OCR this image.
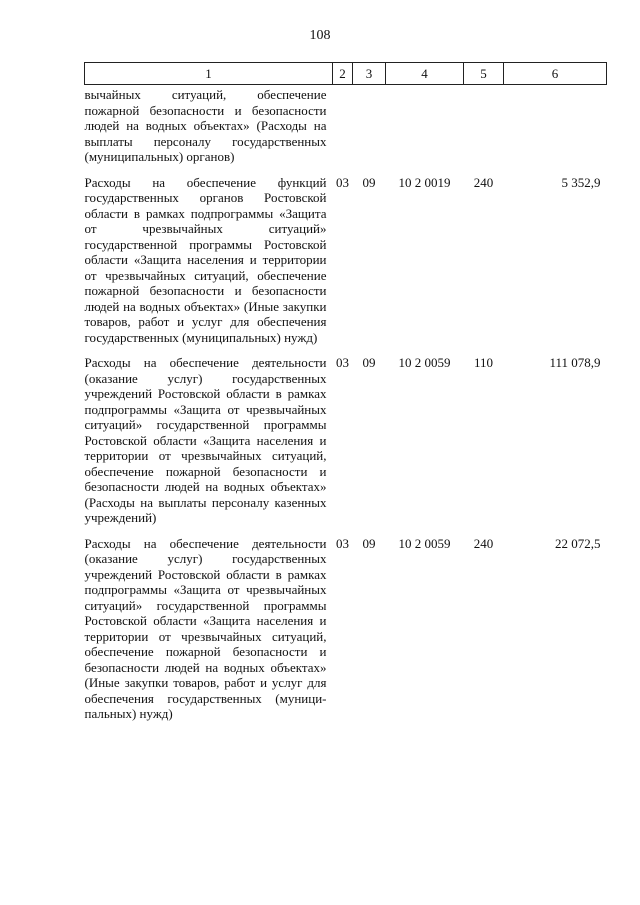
108
1	2	3	4	5	6
вычайных ситуаций, обеспечение пожарной безопасности и безопасности людей на водных объектах» (Расходы на выплаты персоналу государственных (муниципальных) органов)					
Расходы на обеспечение функций государственных органов Ростовской области в рамках подпрограммы «Защита от чрезвычайных ситуаций» государственной программы Ростовской области «Защита населения и территории от чрезвычайных ситуаций, обеспечение пожарной безопасности и безопасности людей на водных объектах» (Иные закупки товаров, работ и услуг для обеспечения государственных (муниципальных) нужд)	03	09	10 2 0019	240	5 352,9
Расходы на обеспечение деятельности (оказание услуг) государственных учреждений Ростовской области в рамках подпрограммы «Защита от чрезвычайных ситуаций» государственной программы Ростовской области «Защита населения и территории от чрезвычайных ситуаций, обеспечение пожарной безопасности и безопасности людей на водных объектах» (Расходы на выплаты персоналу казенных учреждений)	03	09	10 2 0059	110	111 078,9
Расходы на обеспечение деятельности (оказание услуг) государственных учреждений Ростовской области в рамках подпрограммы «Защита от чрезвычайных ситуаций» государственной программы Ростовской области «Защита населения и территории от чрезвычайных ситуаций, обеспечение пожарной безопасности и безопасности людей на водных объектах» (Иные закупки товаров, работ и услуг для обеспечения государственных (муниципальных) нужд)	03	09	10 2 0059	240	22 072,5
